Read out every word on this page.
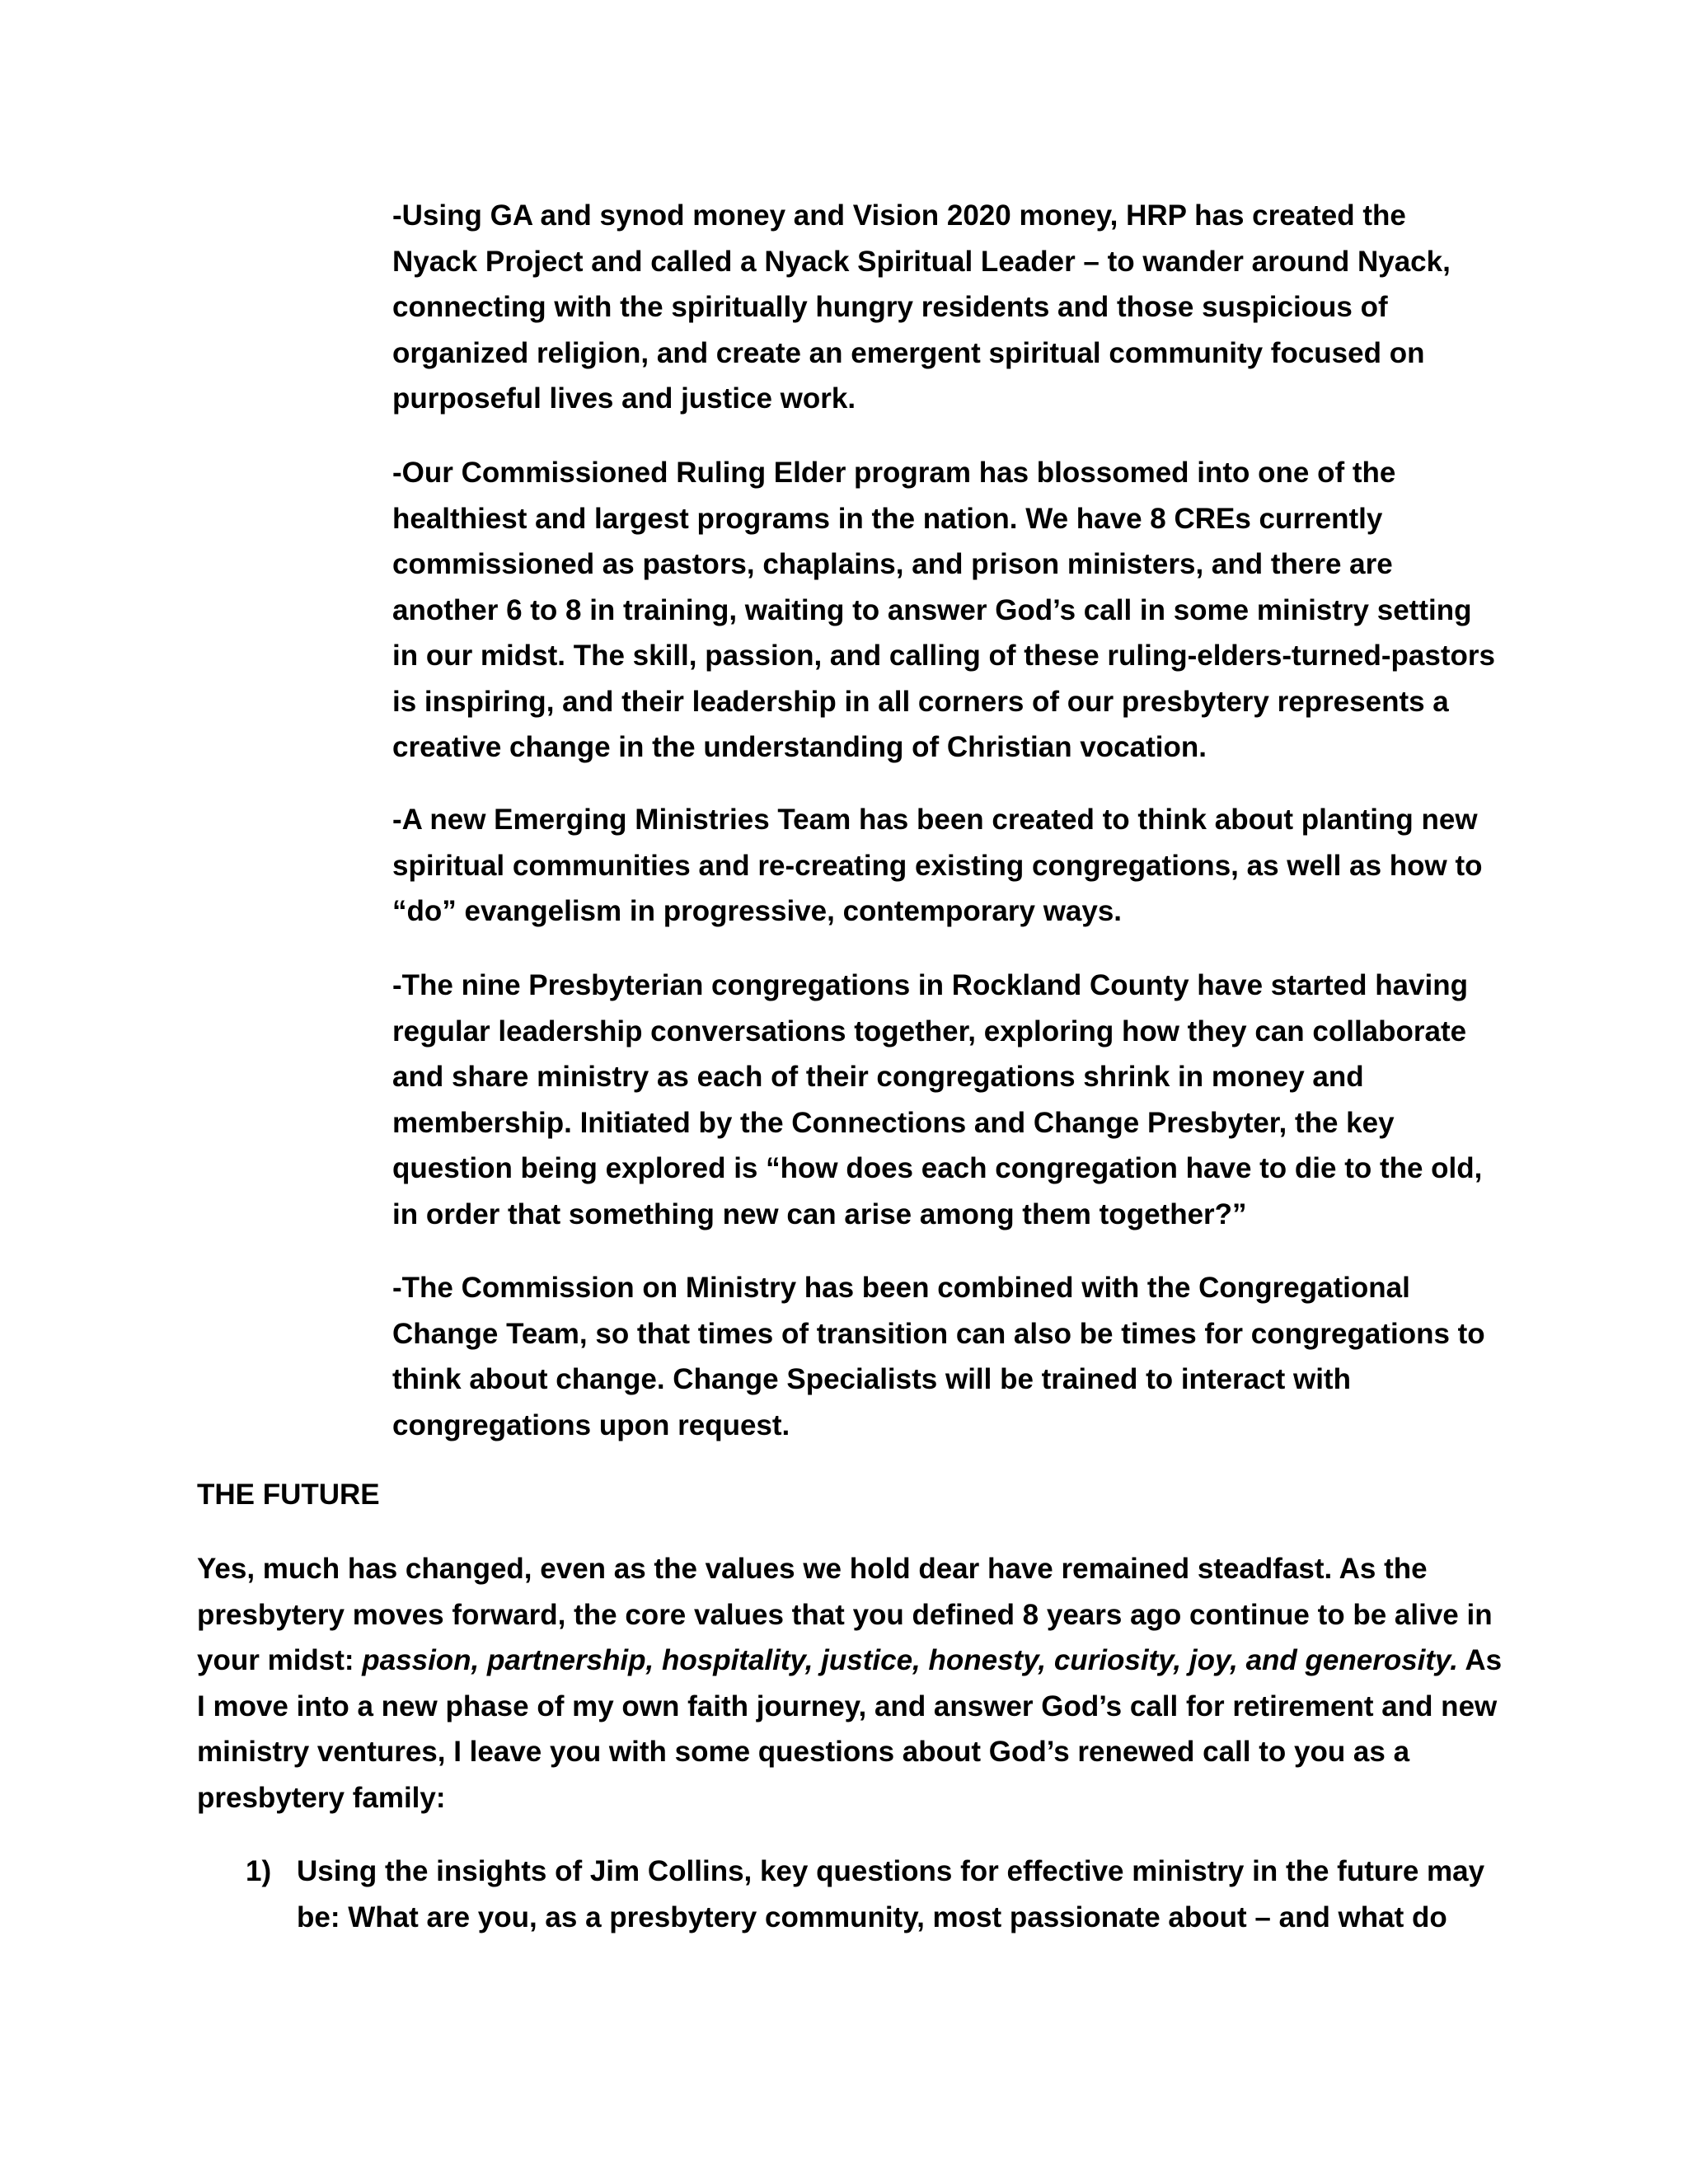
-Using GA and synod money and Vision 2020 money, HRP has created the Nyack Project and called a Nyack Spiritual Leader – to wander around Nyack, connecting with the spiritually hungry residents and those suspicious of organized religion, and create an emergent spiritual community focused on purposeful lives and justice work.

-Our Commissioned Ruling Elder program has blossomed into one of the healthiest and largest programs in the nation. We have 8 CREs currently commissioned as pastors, chaplains, and prison ministers, and there are another 6 to 8 in training, waiting to answer God’s call in some ministry setting in our midst. The skill, passion, and calling of these ruling-elders-turned-pastors is inspiring, and their leadership in all corners of our presbytery represents a creative change in the understanding of Christian vocation.

-A new Emerging Ministries Team has been created to think about planting new spiritual communities and re-creating existing congregations, as well as how to “do” evangelism in progressive, contemporary ways.

-The nine Presbyterian congregations in Rockland County have started having regular leadership conversations together, exploring how they can collaborate and share ministry as each of their congregations shrink in money and membership. Initiated by the Connections and Change Presbyter, the key question being explored is “how does each congregation have to die to the old, in order that something new can arise among them together?”

-The Commission on Ministry has been combined with the Congregational Change Team, so that times of transition can also be times for congregations to think about change. Change Specialists will be trained to interact with congregations upon request.

THE FUTURE

Yes, much has changed, even as the values we hold dear have remained steadfast. As the presbytery moves forward, the core values that you defined 8 years ago continue to be alive in your midst: passion, partnership, hospitality, justice, honesty, curiosity, joy, and generosity. As I move into a new phase of my own faith journey, and answer God’s call for retirement and new ministry ventures, I leave you with some questions about God’s renewed call to you as a presbytery family:

1) Using the insights of Jim Collins, key questions for effective ministry in the future may be: What are you, as a presbytery community, most passionate about – and what do
